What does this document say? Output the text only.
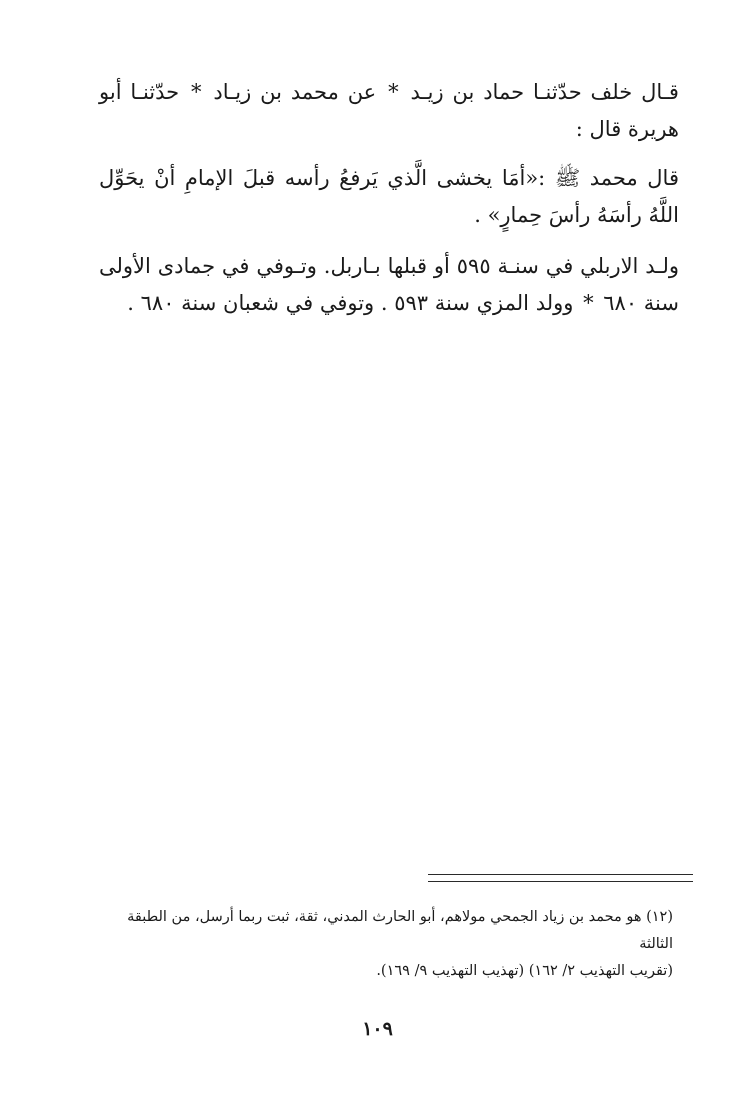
قـال خلف حدّثنـا حماد بن زيـد * عن محمد بن زيـاد * حدّثنـا أبو هريرة قال :

قال محمد ﷺ :«أمَا يخشى الَّذي يَرفعُ رأسه قبلَ الإمامِ أنْ يحَوِّل اللَّهُ رأسَهُ رأسَ حِمارٍ» .

ولـد الاربلي في سنـة ٥٩٥ أو قبلها بـاربل. وتـوفي في جمادى الأولى سنة ٦٨٠ * وولد المزي سنة ٥٩٣ . وتوفي في شعبان سنة ٦٨٠ .

(١٢) هو محمد بن زياد الجمحي مولاهم، أبو الحارث المدني، ثقة، ثبت ربما أرسل، من الطبقة الثالثة
(تقريب التهذيب ٢/ ١٦٢) (تهذيب التهذيب ٩/ ١٦٩).
١٠٩
